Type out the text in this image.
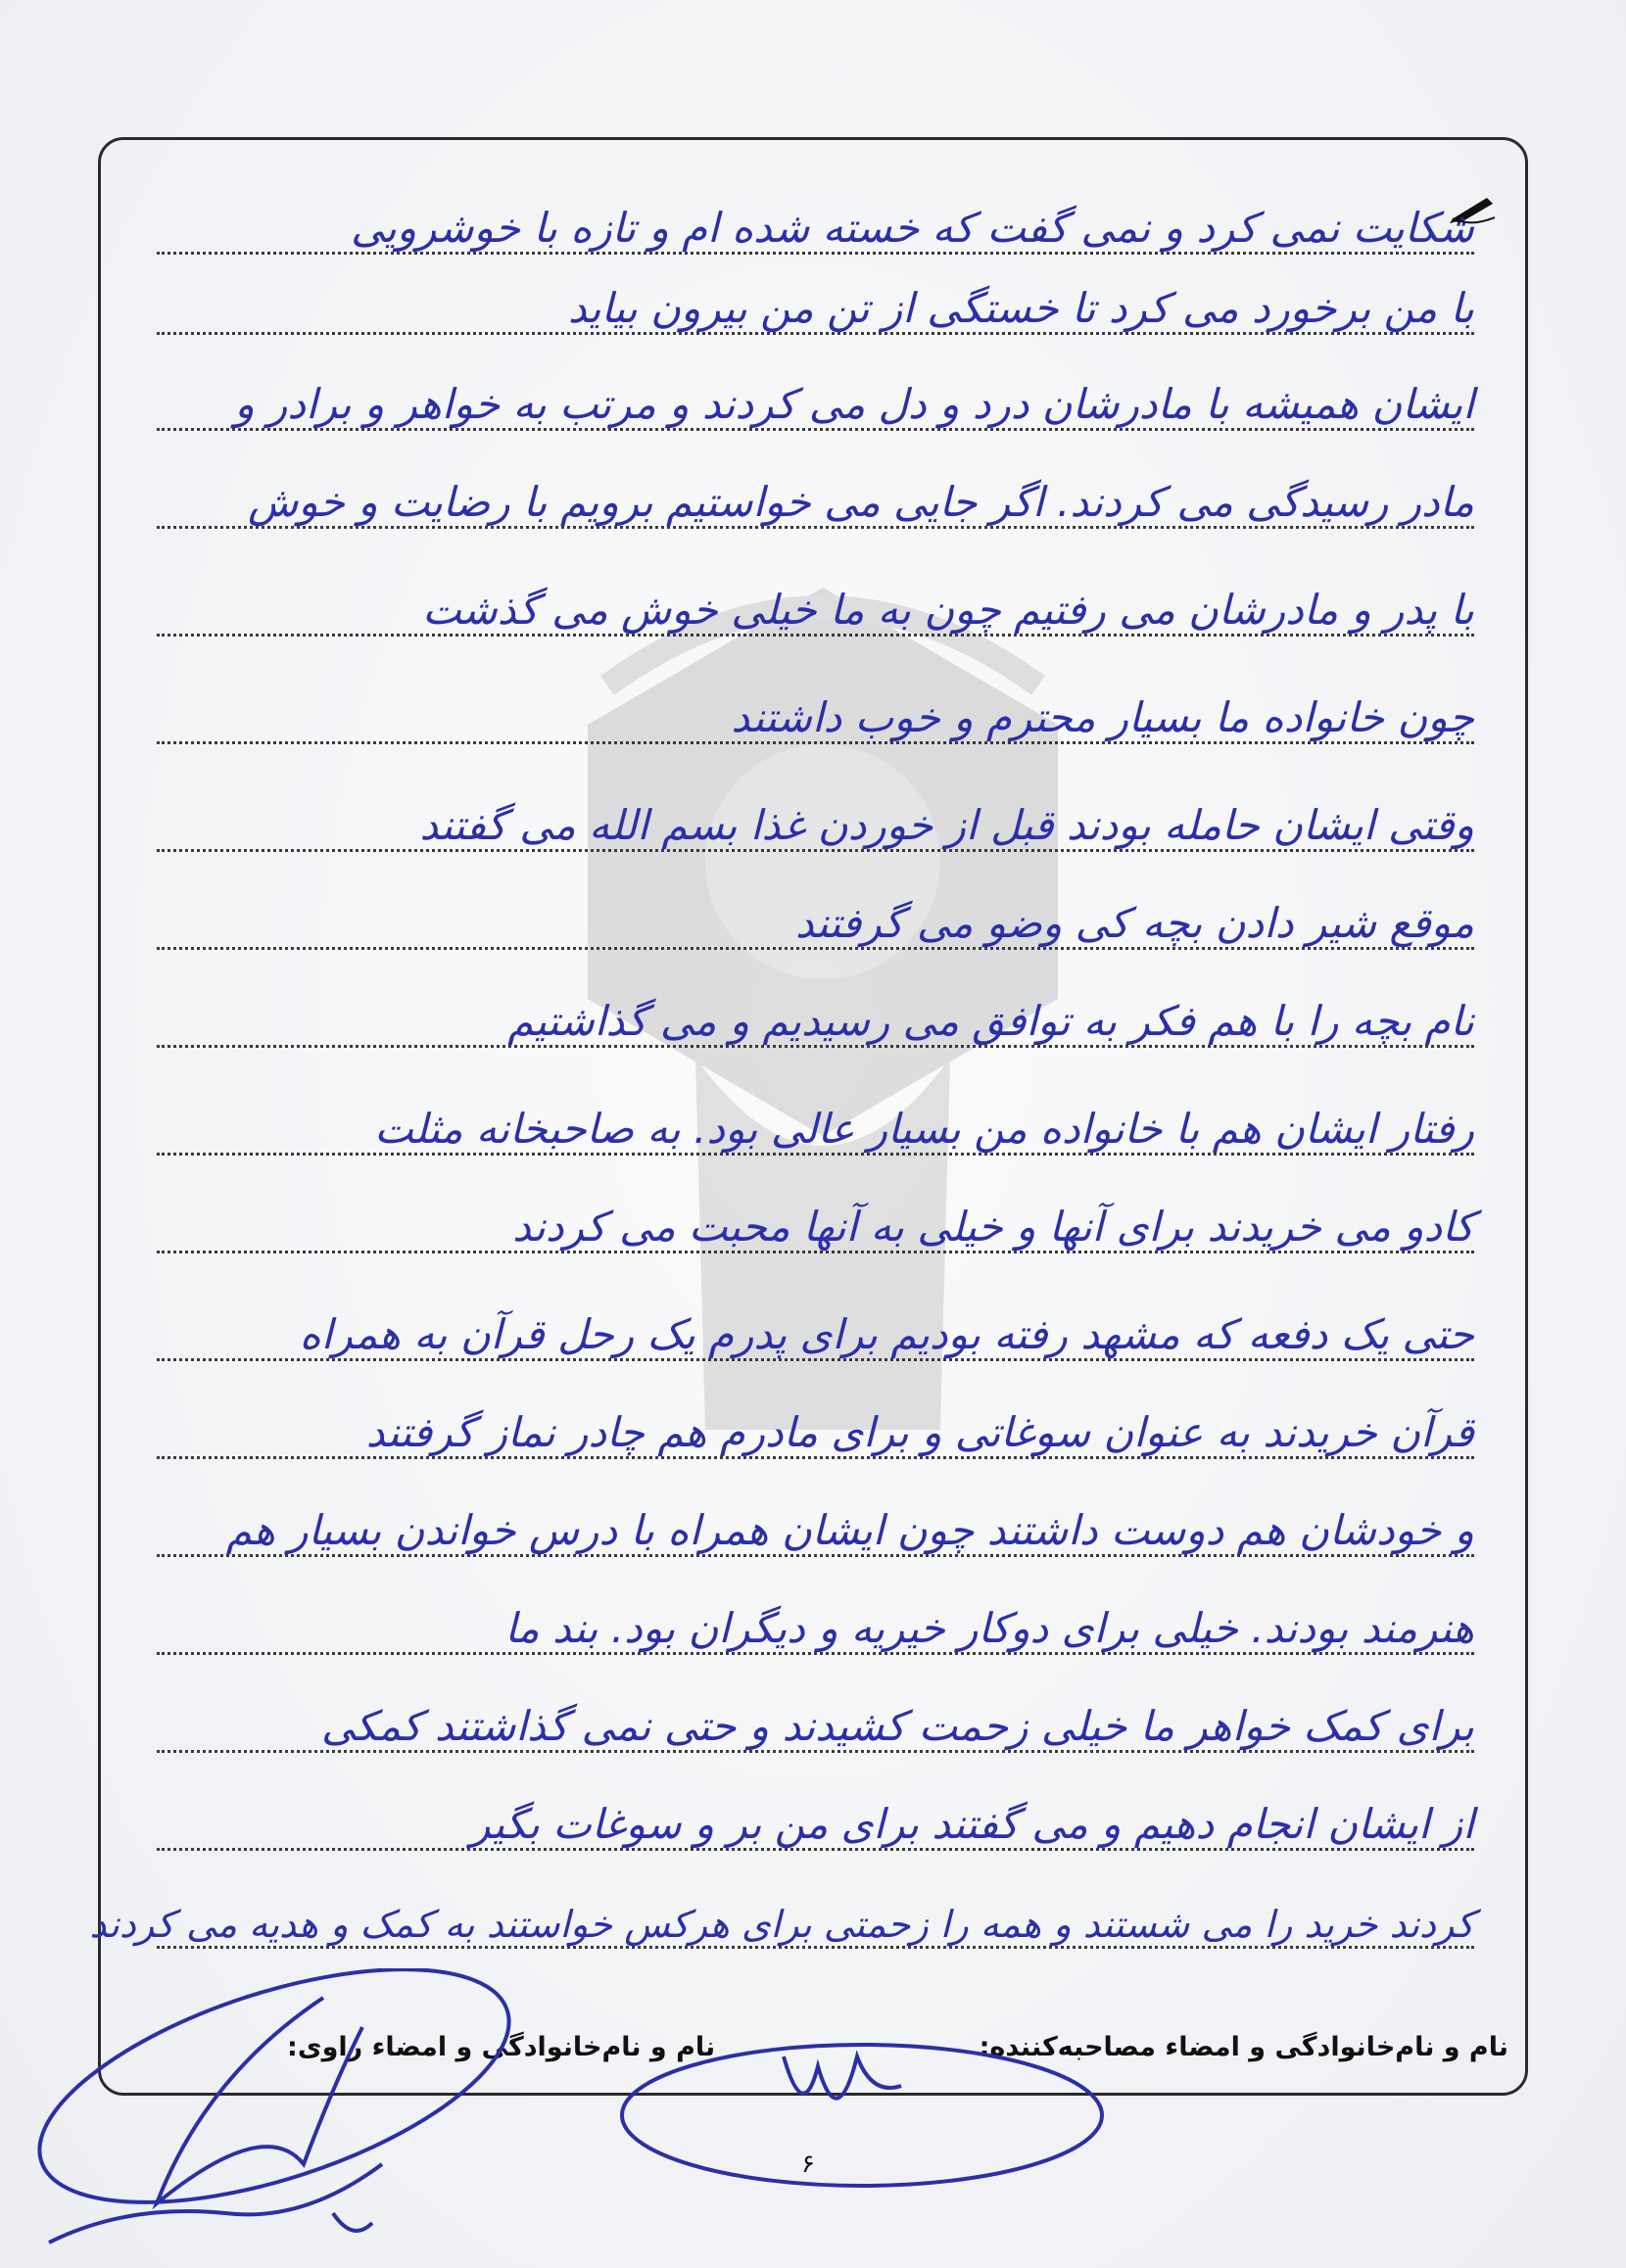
شکایت نمی کرد و نمی گفت که خسته شده ام و تازه با خوشرویی
با من برخورد می کرد تا خستگی از تن من بیرون بیاید
ایشان همیشه با مادرشان درد و دل می کردند و مرتب به خواهر و برادر و
مادر رسیدگی می کردند. اگر جایی می خواستیم برویم با رضایت و خوش
با پدر و مادرشان می رفتیم چون به ما خیلی خوش می گذشت
چون خانواده ما بسیار محترم و خوب داشتند
وقتی ایشان حامله بودند قبل از خوردن غذا بسم الله می گفتند
موقع شیر دادن بچه کی وضو می گرفتند
نام بچه را با هم فکر به توافق می رسیدیم و می گذاشتیم
رفتار ایشان هم با خانواده من بسیار عالی بود. به صاحبخانه مثلت
کادو می خریدند برای آنها و خیلی به آنها محبت می کردند
حتی یک دفعه که مشهد رفته بودیم برای پدرم یک رحل قرآن به همراه
قرآن خریدند به عنوان سوغاتی و برای مادرم هم چادر نماز گرفتند
و خودشان هم دوست داشتند چون ایشان همراه با درس خواندن بسیار هم
هنرمند بودند. خیلی برای دوکار خیریه و دیگران بود. بند ما
برای کمک خواهر ما خیلی زحمت کشیدند و حتی نمی گذاشتند کمکی
از ایشان انجام دهیم و می گفتند برای من بر و سوغات بگیر
کردند خرید را می شستند و همه را زحمتی برای هرکس خواستند به کمک و هدیه می کردند
نام و نام‌خانوادگی و امضاء مصاحبه‌کننده: نام و نام‌خانوادگی و امضاء راوی:
۶
